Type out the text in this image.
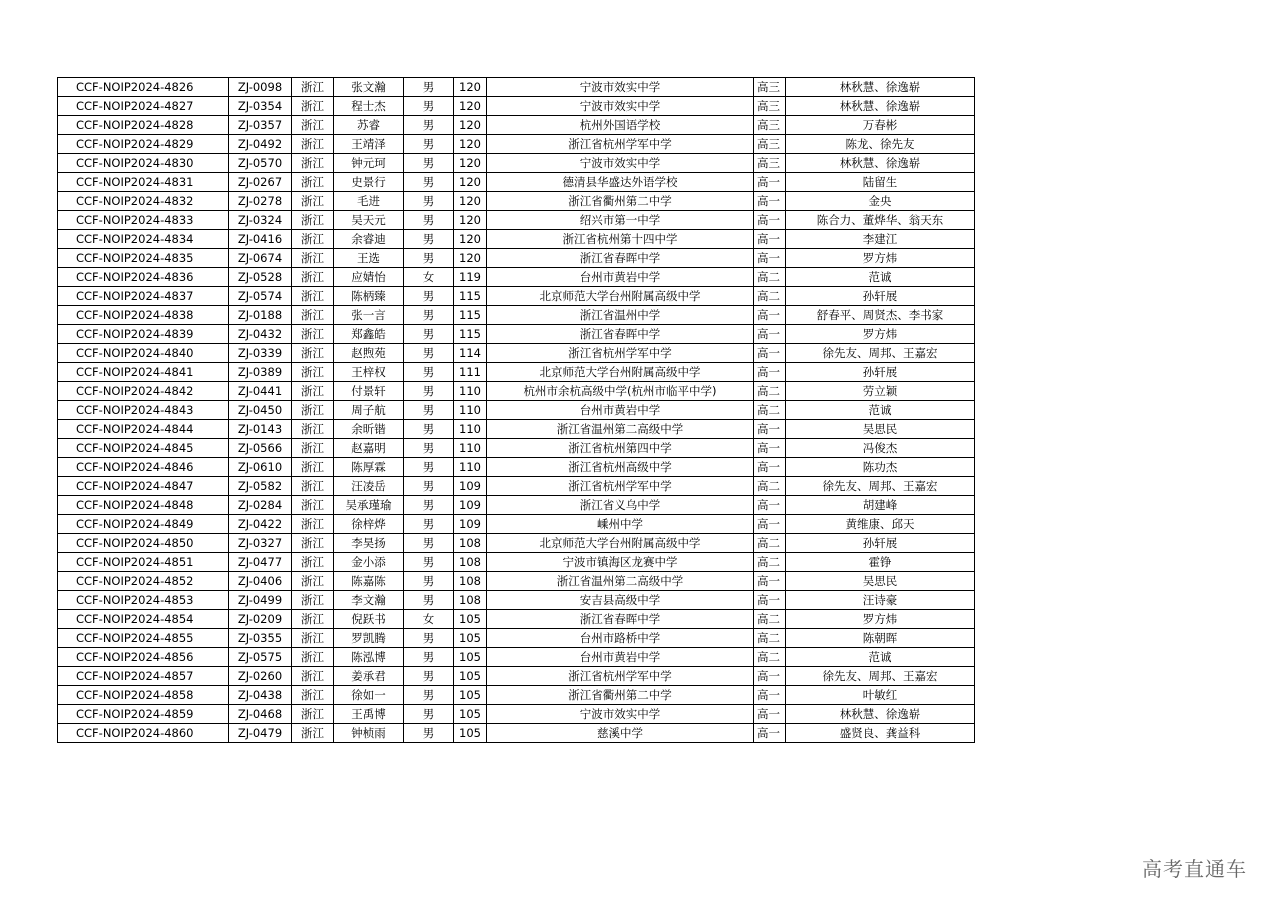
CCF-NOIP2024-4826	ZJ-0098	浙江	张文瀚	男	120	宁波市效实中学	高三	林秋慧、徐逸崭
CCF-NOIP2024-4827	ZJ-0354	浙江	程士杰	男	120	宁波市效实中学	高三	林秋慧、徐逸崭
CCF-NOIP2024-4828	ZJ-0357	浙江	苏睿	男	120	杭州外国语学校	高三	万春彬
CCF-NOIP2024-4829	ZJ-0492	浙江	王靖泽	男	120	浙江省杭州学军中学	高三	陈龙、徐先友
CCF-NOIP2024-4830	ZJ-0570	浙江	钟元珂	男	120	宁波市效实中学	高三	林秋慧、徐逸崭
CCF-NOIP2024-4831	ZJ-0267	浙江	史景行	男	120	德清县华盛达外语学校	高一	陆留生
CCF-NOIP2024-4832	ZJ-0278	浙江	毛进	男	120	浙江省衢州第二中学	高一	金央
CCF-NOIP2024-4833	ZJ-0324	浙江	吴天元	男	120	绍兴市第一中学	高一	陈合力、董烨华、翁天东
CCF-NOIP2024-4834	ZJ-0416	浙江	余睿迪	男	120	浙江省杭州第十四中学	高一	李建江
CCF-NOIP2024-4835	ZJ-0674	浙江	王选	男	120	浙江省春晖中学	高一	罗方炜
CCF-NOIP2024-4836	ZJ-0528	浙江	应婧怡	女	119	台州市黄岩中学	高二	范诚
CCF-NOIP2024-4837	ZJ-0574	浙江	陈柄臻	男	115	北京师范大学台州附属高级中学	高二	孙轩展
CCF-NOIP2024-4838	ZJ-0188	浙江	张一言	男	115	浙江省温州中学	高一	舒春平、周贤杰、李书家
CCF-NOIP2024-4839	ZJ-0432	浙江	郑鑫皓	男	115	浙江省春晖中学	高一	罗方炜
CCF-NOIP2024-4840	ZJ-0339	浙江	赵煦苑	男	114	浙江省杭州学军中学	高一	徐先友、周邦、王嘉宏
CCF-NOIP2024-4841	ZJ-0389	浙江	王梓权	男	111	北京师范大学台州附属高级中学	高一	孙轩展
CCF-NOIP2024-4842	ZJ-0441	浙江	付景轩	男	110	杭州市余杭高级中学(杭州市临平中学)	高二	劳立颖
CCF-NOIP2024-4843	ZJ-0450	浙江	周子航	男	110	台州市黄岩中学	高二	范诚
CCF-NOIP2024-4844	ZJ-0143	浙江	余昕锴	男	110	浙江省温州第二高级中学	高一	吴思民
CCF-NOIP2024-4845	ZJ-0566	浙江	赵嘉明	男	110	浙江省杭州第四中学	高一	冯俊杰
CCF-NOIP2024-4846	ZJ-0610	浙江	陈厚霖	男	110	浙江省杭州高级中学	高一	陈功杰
CCF-NOIP2024-4847	ZJ-0582	浙江	汪凌岳	男	109	浙江省杭州学军中学	高二	徐先友、周邦、王嘉宏
CCF-NOIP2024-4848	ZJ-0284	浙江	吴承瑾瑜	男	109	浙江省义乌中学	高一	胡建峰
CCF-NOIP2024-4849	ZJ-0422	浙江	徐梓烨	男	109	嵊州中学	高一	黄维康、邱天
CCF-NOIP2024-4850	ZJ-0327	浙江	李昊扬	男	108	北京师范大学台州附属高级中学	高二	孙轩展
CCF-NOIP2024-4851	ZJ-0477	浙江	金小添	男	108	宁波市镇海区龙赛中学	高二	霍铮
CCF-NOIP2024-4852	ZJ-0406	浙江	陈嘉陈	男	108	浙江省温州第二高级中学	高一	吴思民
CCF-NOIP2024-4853	ZJ-0499	浙江	李文瀚	男	108	安吉县高级中学	高一	汪诗豪
CCF-NOIP2024-4854	ZJ-0209	浙江	倪跃书	女	105	浙江省春晖中学	高二	罗方炜
CCF-NOIP2024-4855	ZJ-0355	浙江	罗凯腾	男	105	台州市路桥中学	高二	陈朝晖
CCF-NOIP2024-4856	ZJ-0575	浙江	陈泓博	男	105	台州市黄岩中学	高二	范诚
CCF-NOIP2024-4857	ZJ-0260	浙江	姜承君	男	105	浙江省杭州学军中学	高一	徐先友、周邦、王嘉宏
CCF-NOIP2024-4858	ZJ-0438	浙江	徐如一	男	105	浙江省衢州第二中学	高一	叶敏红
CCF-NOIP2024-4859	ZJ-0468	浙江	王禹博	男	105	宁波市效实中学	高一	林秋慧、徐逸崭
CCF-NOIP2024-4860	ZJ-0479	浙江	钟桢雨	男	105	慈溪中学	高一	盛贤良、龚益科
高考直通车
